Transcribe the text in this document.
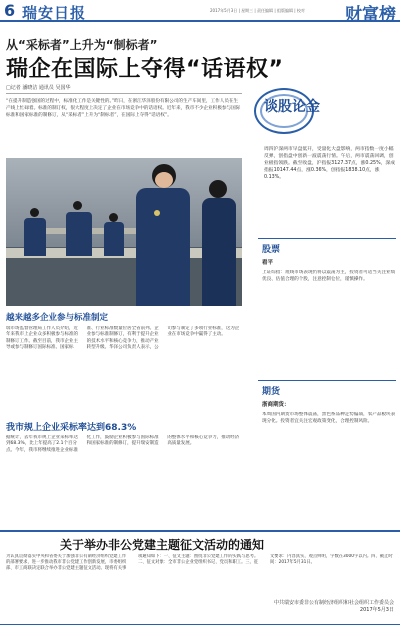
6 瑞安日报	2017年5月3日 | 星期三 | 责任编辑 | 组版编辑 | 校对 财富榜
从“采标者”上升为“制标者”
瑞企在国际上夺得“话语权”
□记者 潘晓洁 通讯员 吴国华
“在提升制造强国的过程中，标准化工作是关键性的。”昨日，在浙江华泽股份有限公司的生产车间里，工作人员在生产线上忙碌着。标准的制订权，很大程度上决定了企业在市场竞争中的话语权。近年来，我市不少企业积极参与国际标准和国家标准的制修订，从“采标者”上升为“制标者”，在国际上夺得“话语权”。
越来越多企业参与标准制定
瑞市场监督管理局工作人员介绍，近年来我市上企业众多积极参与标准的制修订工作。截至目前，我市企业主导或参与制修订国际标准、国家标准、行业标准数量位居全省前列。企业参与标准制修订，有利于提升企业的技术水平和核心竞争力，推动产业转型升级。华泽公司负责人表示，公司参与制定了多项行业标准，这为企业在市场竞争中赢得了主动。
我市规上企业采标率达到68.3%
据统计，去年我市规上企业采标率达到68.3%，比上年提高了2.1个百分点。今年，我市将继续推进企业标准化工作，鼓励企业积极参与国际标准和国家标准的制修订，提升瑞安制造的整体水平和核心竞争力，推动经济高质量发展。
谈股论金
周四沪深两市早盘低开，受量化大盘影响，两市指数一度小幅反弹，创指盘中创新一波震荡行情。午后，两市震荡回调，创业板指领跌。截至收盘，沪指报3127.37点，涨0.25%，深成指报10147.44点，涨0.36%，创指报1838.10点，涨0.13%。
股票
看平
上证综指：短线市场表现仍将以震荡为主，投资者可适当关注业绩优良、估值合理的个股，注意控制仓位，谨慎操作。
期货
浙商期货：
本周国内期货市场整体震荡，黑色系品种走势偏弱，农产品板块表现分化。投资者宜关注宏观政策变化，合理控制风险。
关于举办非公党建主题征文活动的通知
为认真贯彻落实中央和省委关于加强非公有制经济组织党建工作的部署要求，进一步推动我市非公党建工作创新发展，市委组织部、市工商联决定联合举办非公党建主题征文活动。现将有关事项通知如下：一、征文主题：围绕非公党建工作的实践与思考。二、征文对象：全市非公企业党组织书记、党员和职工。三、征文要求：内容真实，观点鲜明，字数在3000字以内。四、截止时间：2017年5月31日。
中共瑞安市委非公有制经济组织和社会组织工作委员会
2017年5月3日
